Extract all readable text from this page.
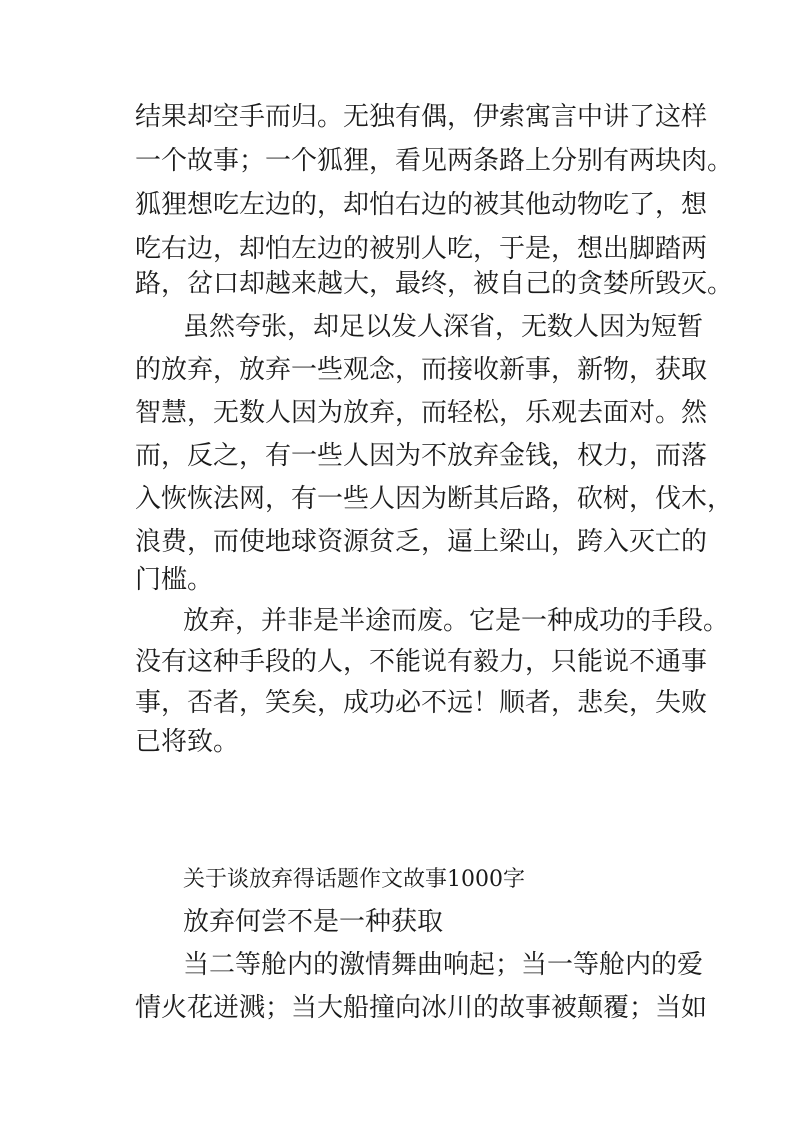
结果却空手而归。无独有偶，伊索寓言中讲了这样
一个故事；一个狐狸，看见两条路上分别有两块肉。
狐狸想吃左边的，却怕右边的被其他动物吃了，想
吃右边，却怕左边的被别人吃，于是，想出脚踏两
路，岔口却越来越大，最终，被自己的贪婪所毁灭。
虽然夸张，却足以发人深省，无数人因为短暂
的放弃，放弃一些观念，而接收新事，新物，获取
智慧，无数人因为放弃，而轻松，乐观去面对。然
而，反之，有一些人因为不放弃金钱，权力，而落
入恢恢法网，有一些人因为断其后路，砍树，伐木，
浪费，而使地球资源贫乏，逼上梁山，跨入灭亡的
门槛。
放弃，并非是半途而废。它是一种成功的手段。
没有这种手段的人，不能说有毅力，只能说不通事
事，否者，笑矣，成功必不远！顺者，悲矣，失败
已将致。
关于谈放弃得话题作文故事1000字
放弃何尝不是一种获取
当二等舱内的激情舞曲响起；当一等舱内的爱
情火花迸溅；当大船撞向冰川的故事被颠覆；当如
